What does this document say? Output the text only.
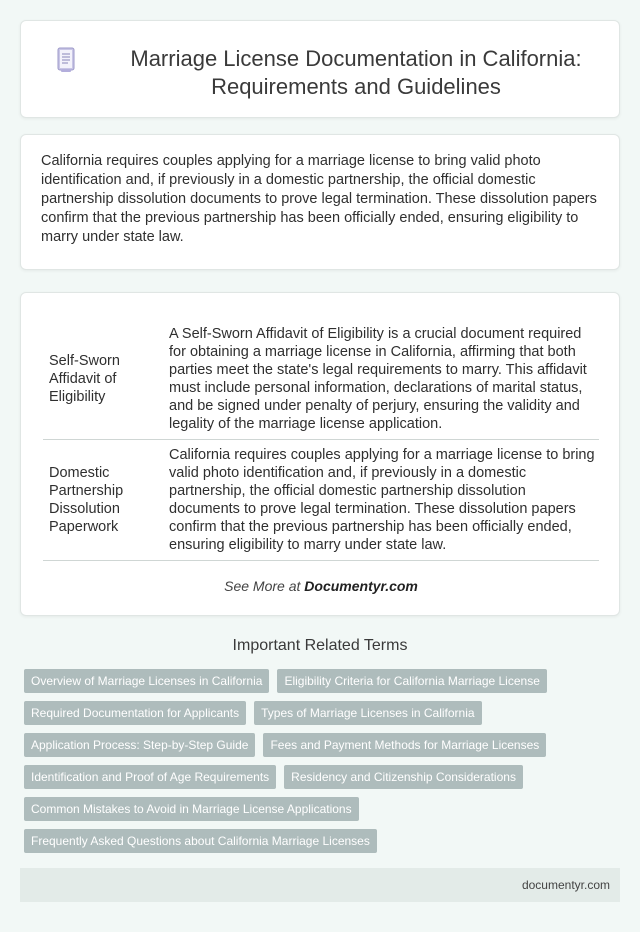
Marriage License Documentation in California: Requirements and Guidelines

California requires couples applying for a marriage license to bring valid photo identification and, if previously in a domestic partnership, the official domestic partnership dissolution documents to prove legal termination. These dissolution papers confirm that the previous partnership has been officially ended, ensuring eligibility to marry under state law.

Self-Sworn Affidavit of Eligibility	A Self-Sworn Affidavit of Eligibility is a crucial document required for obtaining a marriage license in California, affirming that both parties meet the state's legal requirements to marry. This affidavit must include personal information, declarations of marital status, and be signed under penalty of perjury, ensuring the validity and legality of the marriage license application.
Domestic Partnership Dissolution Paperwork	California requires couples applying for a marriage license to bring valid photo identification and, if previously in a domestic partnership, the official domestic partnership dissolution documents to prove legal termination. These dissolution papers confirm that the previous partnership has been officially ended, ensuring eligibility to marry under state law.
See More at Documentyr.com
Important Related Terms
Overview of Marriage Licenses in California	Eligibility Criteria for California Marriage License
Required Documentation for Applicants	Types of Marriage Licenses in California
Application Process: Step-by-Step Guide	Fees and Payment Methods for Marriage Licenses
Identification and Proof of Age Requirements	Residency and Citizenship Considerations
Common Mistakes to Avoid in Marriage License Applications
Frequently Asked Questions about California Marriage Licenses
documentyr.com
